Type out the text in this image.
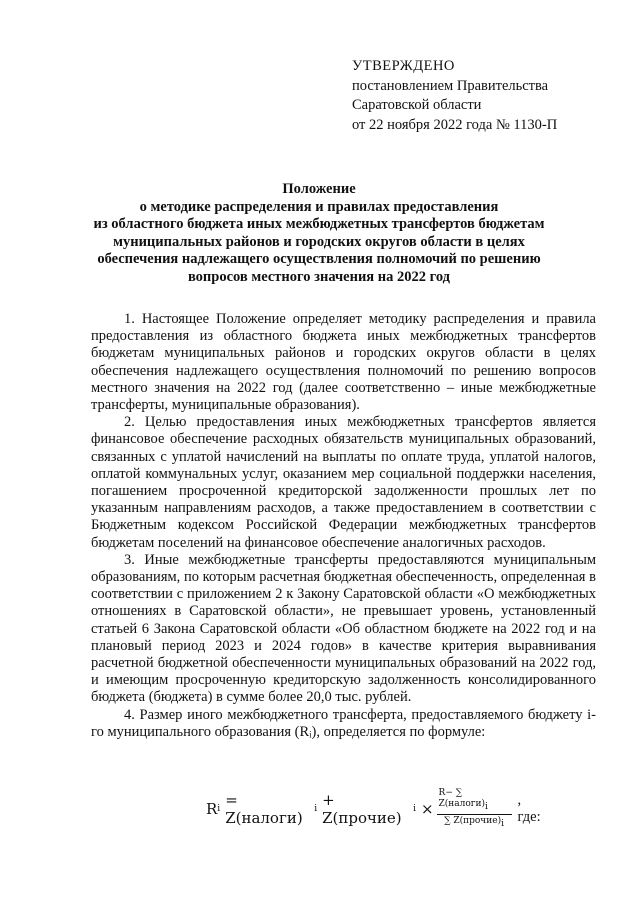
УТВЕРЖДЕНО
постановлением Правительства
Саратовской области
от 22 ноября 2022 года № 1130-П
Положение
о методике распределения и правилах предоставления
из областного бюджета иных межбюджетных трансфертов бюджетам
муниципальных районов и городских округов области в целях
обеспечения надлежащего осуществления полномочий по решению
вопросов местного значения на 2022 год

1. Настоящее Положение определяет методику распределения и правила предоставления из областного бюджета иных межбюджетных трансфертов бюджетам муниципальных районов и городских округов области в целях обеспечения надлежащего осуществления полномочий по решению вопросов местного значения на 2022 год (далее соответственно – иные межбюджетные трансферты, муниципальные образования).

2. Целью предоставления иных межбюджетных трансфертов является финансовое обеспечение расходных обязательств муниципальных образований, связанных с уплатой начислений на выплаты по оплате труда, уплатой налогов, оплатой коммунальных услуг, оказанием мер социальной поддержки населения, погашением просроченной кредиторской задолженности прошлых лет по указанным направлениям расходов, а также предоставлением в соответствии с Бюджетным кодексом Российской Федерации межбюджетных трансфертов бюджетам поселений на финансовое обеспечение аналогичных расходов.

3. Иные межбюджетные трансферты предоставляются муниципальным образованиям, по которым расчетная бюджетная обеспеченность, определенная в соответствии с приложением 2 к Закону Саратовской области «О межбюджетных отношениях в Саратовской области», не превышает уровень, установленный статьей 6 Закона Саратовской области «Об областном бюджете на 2022 год и на плановый период 2023 и 2024 годов» в качестве критерия выравнивания расчетной бюджетной обеспеченности муниципальных образований на 2022 год, и имеющим просроченную кредиторскую задолженность консолидированного бюджета (бюджета) в сумме более 20,0 тыс. рублей.

4. Размер иного межбюджетного трансферта, предоставляемого бюджету i-го муниципального образования (Rᵢ), определяется по формуле:

R i = Z(налоги)	i + Z(прочие)	$i \times \frac{R- \sum Z(налоги)_i}{\sum Z(прочие)_i}$ , где:
